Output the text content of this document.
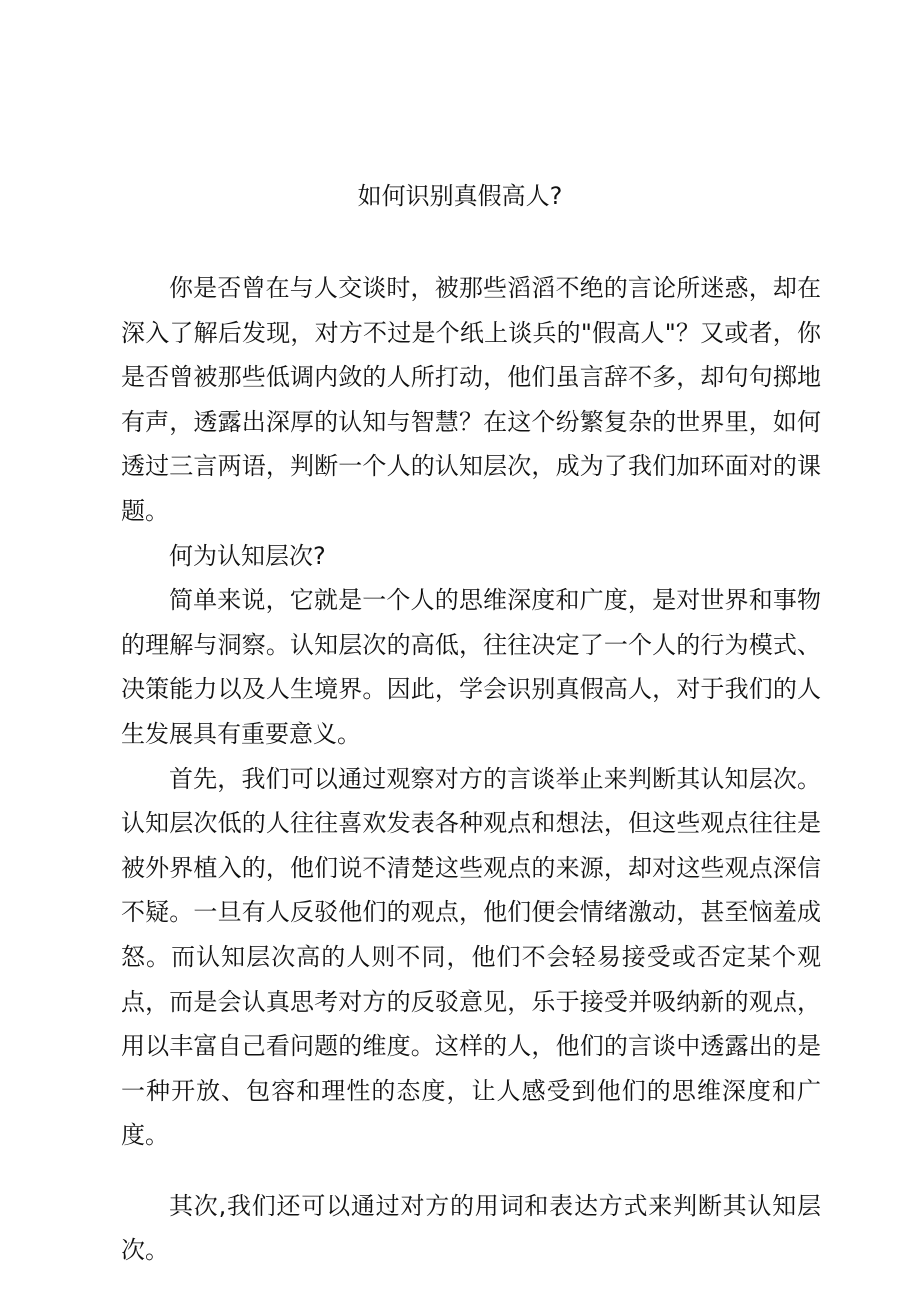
如何识别真假高人?

你是否曾在与人交谈时，被那些滔滔不绝的言论所迷惑，却在深入了解后发现，对方不过是个纸上谈兵的"假高人"？又或者，你是否曾被那些低调内敛的人所打动，他们虽言辞不多，却句句掷地有声，透露出深厚的认知与智慧？在这个纷繁复杂的世界里，如何透过三言两语，判断一个人的认知层次，成为了我们加环面对的课题。

何为认知层次?

简单来说，它就是一个人的思维深度和广度，是对世界和事物的理解与洞察。认知层次的高低，往往决定了一个人的行为模式、决策能力以及人生境界。因此，学会识别真假高人，对于我们的人生发展具有重要意义。

首先，我们可以通过观察对方的言谈举止来判断其认知层次。认知层次低的人往往喜欢发表各种观点和想法，但这些观点往往是被外界植入的，他们说不清楚这些观点的来源，却对这些观点深信不疑。一旦有人反驳他们的观点，他们便会情绪激动，甚至恼羞成怒。而认知层次高的人则不同，他们不会轻易接受或否定某个观点，而是会认真思考对方的反驳意见，乐于接受并吸纳新的观点，用以丰富自己看问题的维度。这样的人，他们的言谈中透露出的是一种开放、包容和理性的态度，让人感受到他们的思维深度和广度。

其次,我们还可以通过对方的用词和表达方式来判断其认知层次。
